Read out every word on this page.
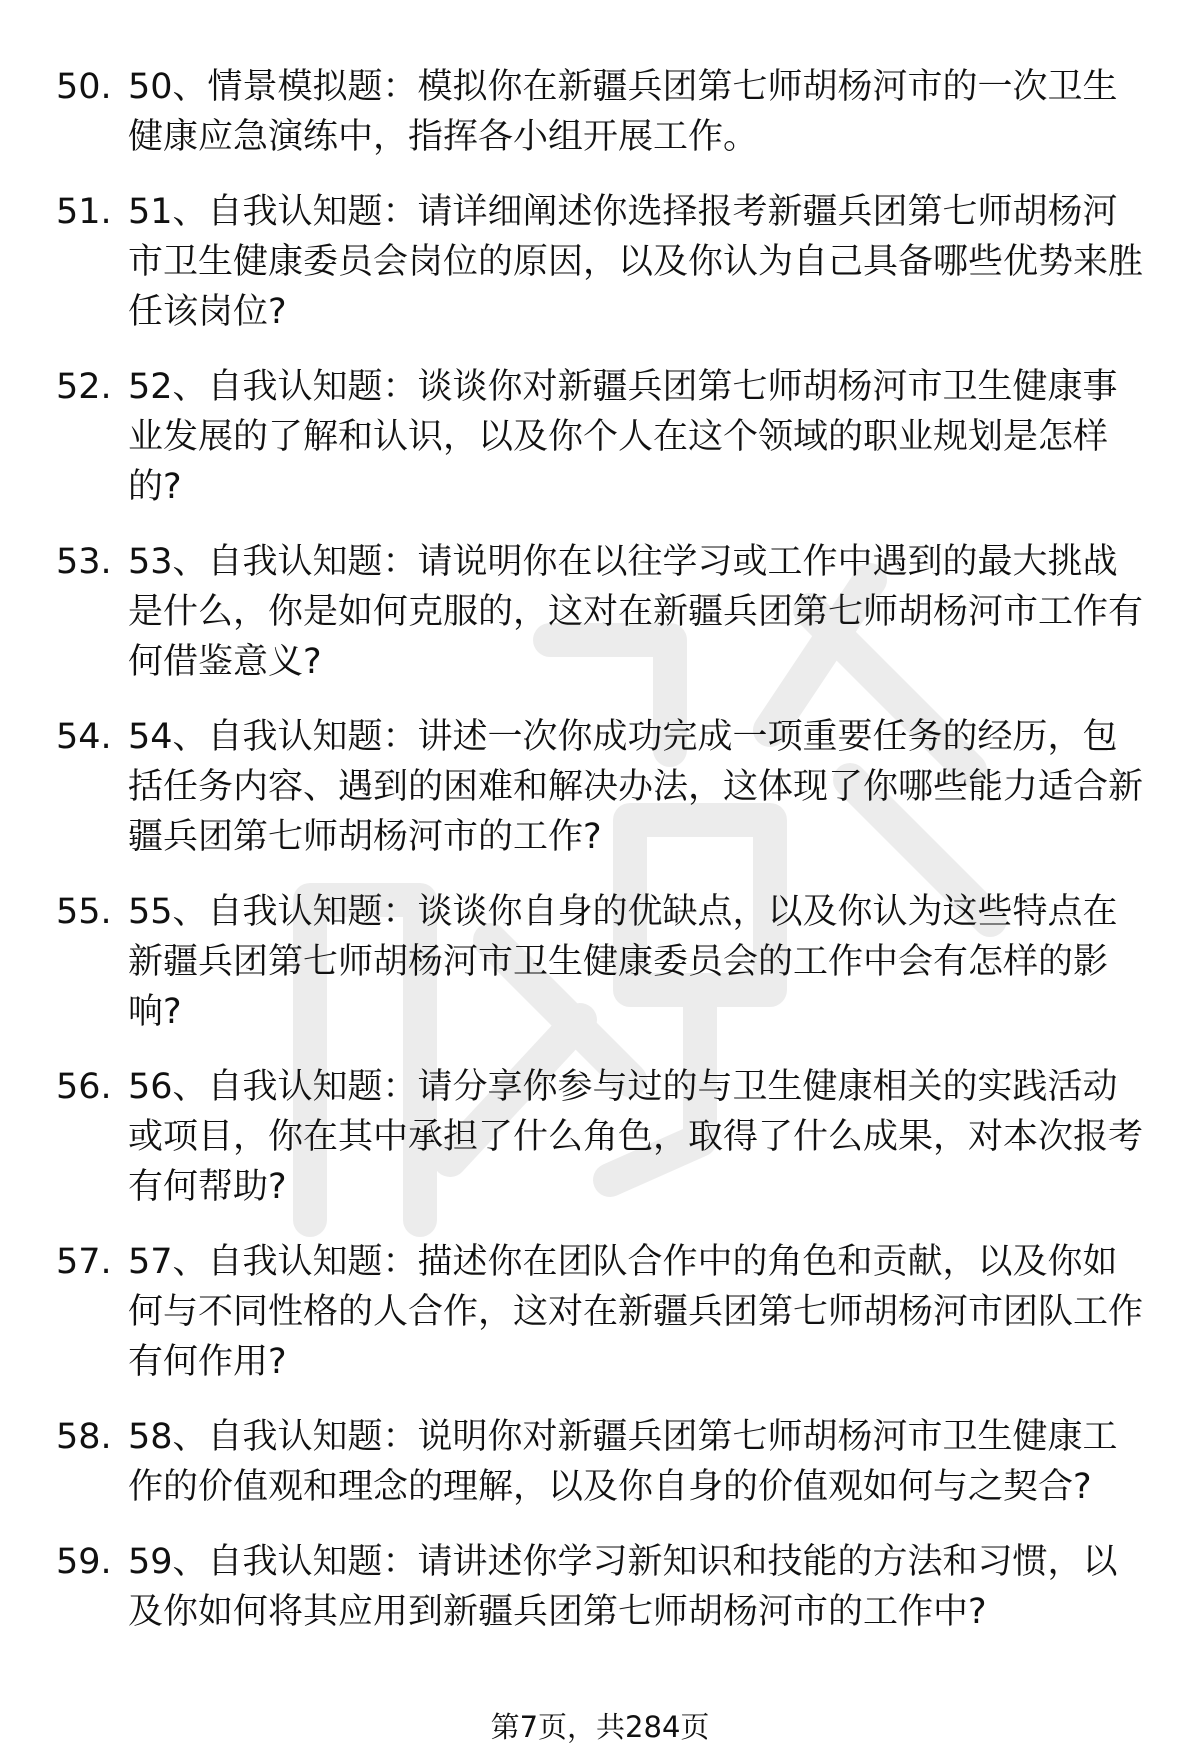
50. 50、情景模拟题：模拟你在新疆兵团第七师胡杨河市的一次卫生健康应急演练中，指挥各小组开展工作。
51. 51、自我认知题：请详细阐述你选择报考新疆兵团第七师胡杨河市卫生健康委员会岗位的原因，以及你认为自己具备哪些优势来胜任该岗位?
52. 52、自我认知题：谈谈你对新疆兵团第七师胡杨河市卫生健康事业发展的了解和认识，以及你个人在这个领域的职业规划是怎样的?
53. 53、自我认知题：请说明你在以往学习或工作中遇到的最大挑战是什么，你是如何克服的，这对在新疆兵团第七师胡杨河市工作有何借鉴意义?
54. 54、自我认知题：讲述一次你成功完成一项重要任务的经历，包括任务内容、遇到的困难和解决办法，这体现了你哪些能力适合新疆兵团第七师胡杨河市的工作?
55. 55、自我认知题：谈谈你自身的优缺点，以及你认为这些特点在新疆兵团第七师胡杨河市卫生健康委员会的工作中会有怎样的影响?
56. 56、自我认知题：请分享你参与过的与卫生健康相关的实践活动或项目，你在其中承担了什么角色，取得了什么成果，对本次报考有何帮助?
57. 57、自我认知题：描述你在团队合作中的角色和贡献，以及你如何与不同性格的人合作，这对在新疆兵团第七师胡杨河市团队工作有何作用?
58. 58、自我认知题：说明你对新疆兵团第七师胡杨河市卫生健康工作的价值观和理念的理解，以及你自身的价值观如何与之契合?
59. 59、自我认知题：请讲述你学习新知识和技能的方法和习惯，以及你如何将其应用到新疆兵团第七师胡杨河市的工作中?
第7页，共284页
